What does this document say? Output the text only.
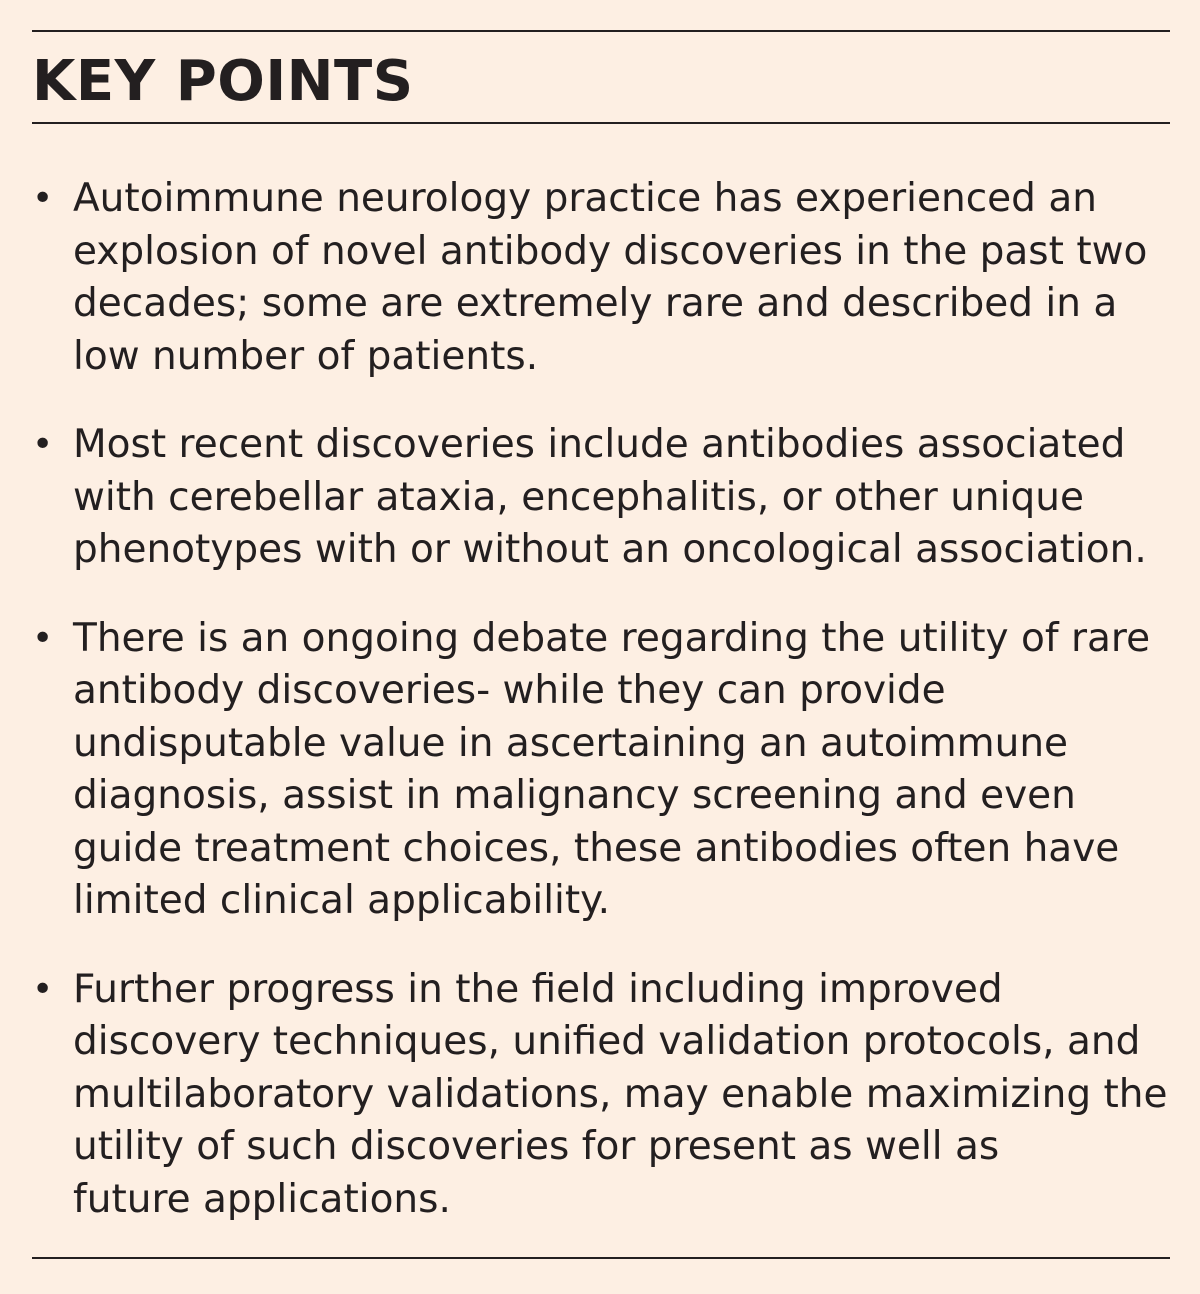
KEY POINTS
• Autoimmune neurology practice has experienced an
explosion of novel antibody discoveries in the past two
decades; some are extremely rare and described in a
low number of patients.
• Most recent discoveries include antibodies associated
with cerebellar ataxia, encephalitis, or other unique
phenotypes with or without an oncological association.
• There is an ongoing debate regarding the utility of rare
antibody discoveries- while they can provide
undisputable value in ascertaining an autoimmune
diagnosis, assist in malignancy screening and even
guide treatment choices, these antibodies often have
limited clinical applicability.
• Further progress in the field including improved
discovery techniques, unified validation protocols, and
multilaboratory validations, may enable maximizing the
utility of such discoveries for present as well as
future applications.
